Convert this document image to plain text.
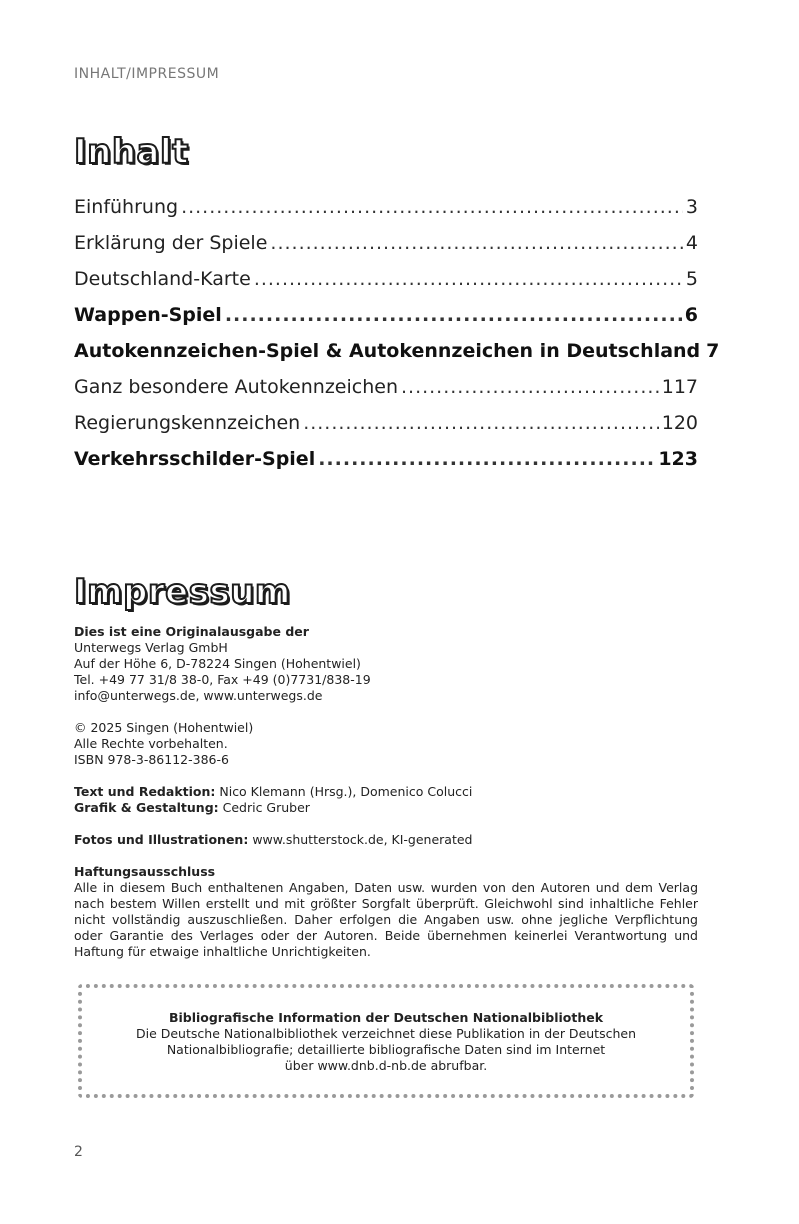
INHALT/IMPRESSUM
Inhalt
Einführung .....	3
Erklärung der Spiele .....	4
Deutschland-Karte .....	5
Wappen-Spiel .....	6
Autokennzeichen-Spiel & Autokennzeichen in Deutschland 7
Ganz besondere Autokennzeichen .....	117
Regierungskennzeichen .....	120
Verkehrsschilder-Spiel .....	123
Impressum

Dies ist eine Originalausgabe der

Unterwegs Verlag GmbH

Auf der Höhe 6, D-78224 Singen (Hohentwiel)

Tel. +49 77 31/8 38-0, Fax +49 (0)7731/838-19

info@unterwegs.de, www.unterwegs.de

© 2025 Singen (Hohentwiel)

Alle Rechte vorbehalten.

ISBN 978-3-86112-386-6

Text und Redaktion: Nico Klemann (Hrsg.), Domenico Colucci

Grafik & Gestaltung: Cedric Gruber

Fotos und Illustrationen: www.shutterstock.de, KI-generated

Haftungsausschluss

Alle in diesem Buch enthaltenen Angaben, Daten usw. wurden von den Autoren und dem Verlag nach bestem Willen erstellt und mit größter Sorgfalt überprüft. Gleichwohl sind inhaltliche Fehler nicht vollständig auszuschließen. Daher erfolgen die Angaben usw. ohne jegliche Verpflichtung oder Garantie des Verlages oder der Autoren. Beide übernehmen keinerlei Verantwortung und Haftung für etwaige inhaltliche Unrichtigkeiten.

Bibliografische Information der Deutschen Nationalbibliothek

Die Deutsche Nationalbibliothek verzeichnet diese Publikation in der Deutschen

Nationalbibliografie; detaillierte bibliografische Daten sind im Internet

über www.dnb.d-nb.de abrufbar.

2
